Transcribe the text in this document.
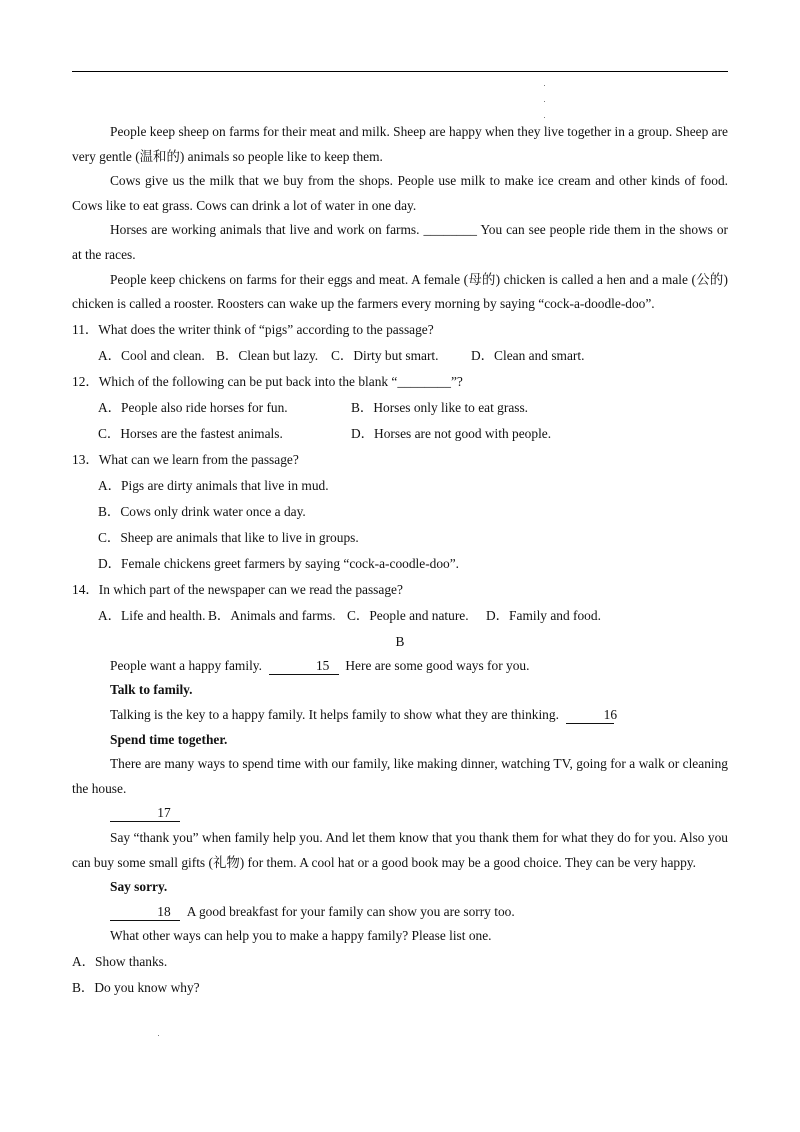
People keep sheep on farms for their meat and milk. Sheep are happy when they live together in a group. Sheep are very gentle (温和的) animals so people like to keep them.
Cows give us the milk that we buy from the shops. People use milk to make ice cream and other kinds of food. Cows like to eat grass. Cows can drink a lot of water in one day.
Horses are working animals that live and work on farms. ________ You can see people ride them in the shows or at the races.
People keep chickens on farms for their eggs and meat. A female (母的) chicken is called a hen and a male (公的) chicken is called a rooster. Roosters can wake up the farmers every morning by saying “cock-a-doodle-doo”.
11．What does the writer think of “pigs” according to the passage?
A．Cool and clean. B．Clean but lazy. C．Dirty but smart. D．Clean and smart.
12．Which of the following can be put back into the blank “________”?
A．People also ride horses for fun.	B．Horses only like to eat grass.
C．Horses are the fastest animals.	D．Horses are not good with people.
13．What can we learn from the passage?
A．Pigs are dirty animals that live in mud.
B．Cows only drink water once a day.
C．Sheep are animals that like to live in groups.
D．Female chickens greet farmers by saying “cock-a-coodle-doo”.
14．In which part of the newspaper can we read the passage?
A．Life and health. B．Animals and farms. C．People and nature. D．Family and food.
B
People want a happy family.	15 Here are some good ways for you.
Talk to family.
Talking is the key to a happy family. It helps family to show what they are thinking.	16
Spend time together.
There are many ways to spend time with our family, like making dinner, watching TV, going for a walk or cleaning the house.
17
Say “thank you” when family help you. And let them know that you thank them for what they do for you. Also you can buy some small gifts (礼物) for them. A cool hat or a good book may be a good choice. They can be very happy.
Say sorry.
18 A good breakfast for your family can show you are sorry too.
What other ways can help you to make a happy family? Please list one.
A．Show thanks.
B．Do you know why?
